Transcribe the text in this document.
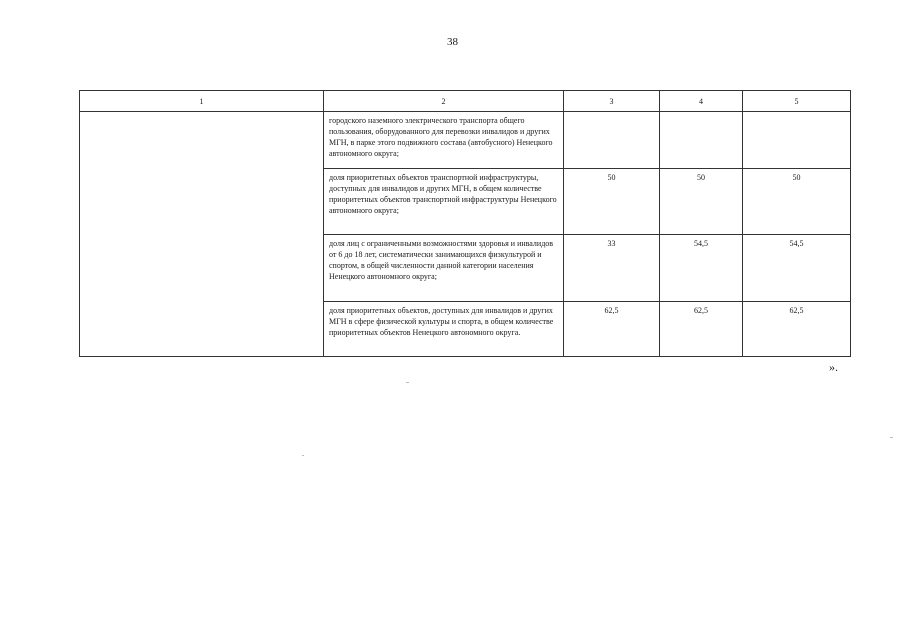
38
1	2	3	4	5
	городского наземного электрического транспорта общего пользования, оборудованного для перевозки инвалидов и других МГН, в парке этого подвижного состава (автобусного) Ненецкого автономного округа;			
	доля приоритетных объектов транспортной инфраструктуры, доступных для инвалидов и других МГН, в общем количестве приоритетных объектов транспортной инфраструктуры Ненецкого автономного округа;	50	50	50
	доля лиц с ограниченными возможностями здоровья и инвалидов от 6 до 18 лет, систематически занимающихся физкультурой и спортом, в общей численности данной категории населения Ненецкого автономного округа;	33	54,5	54,5
	доля приоритетных объектов, доступных для инвалидов и других МГН в сфере физической культуры и спорта, в общем количестве приоритетных объектов Ненецкого автономного округа.	62,5	62,5	62,5
».
